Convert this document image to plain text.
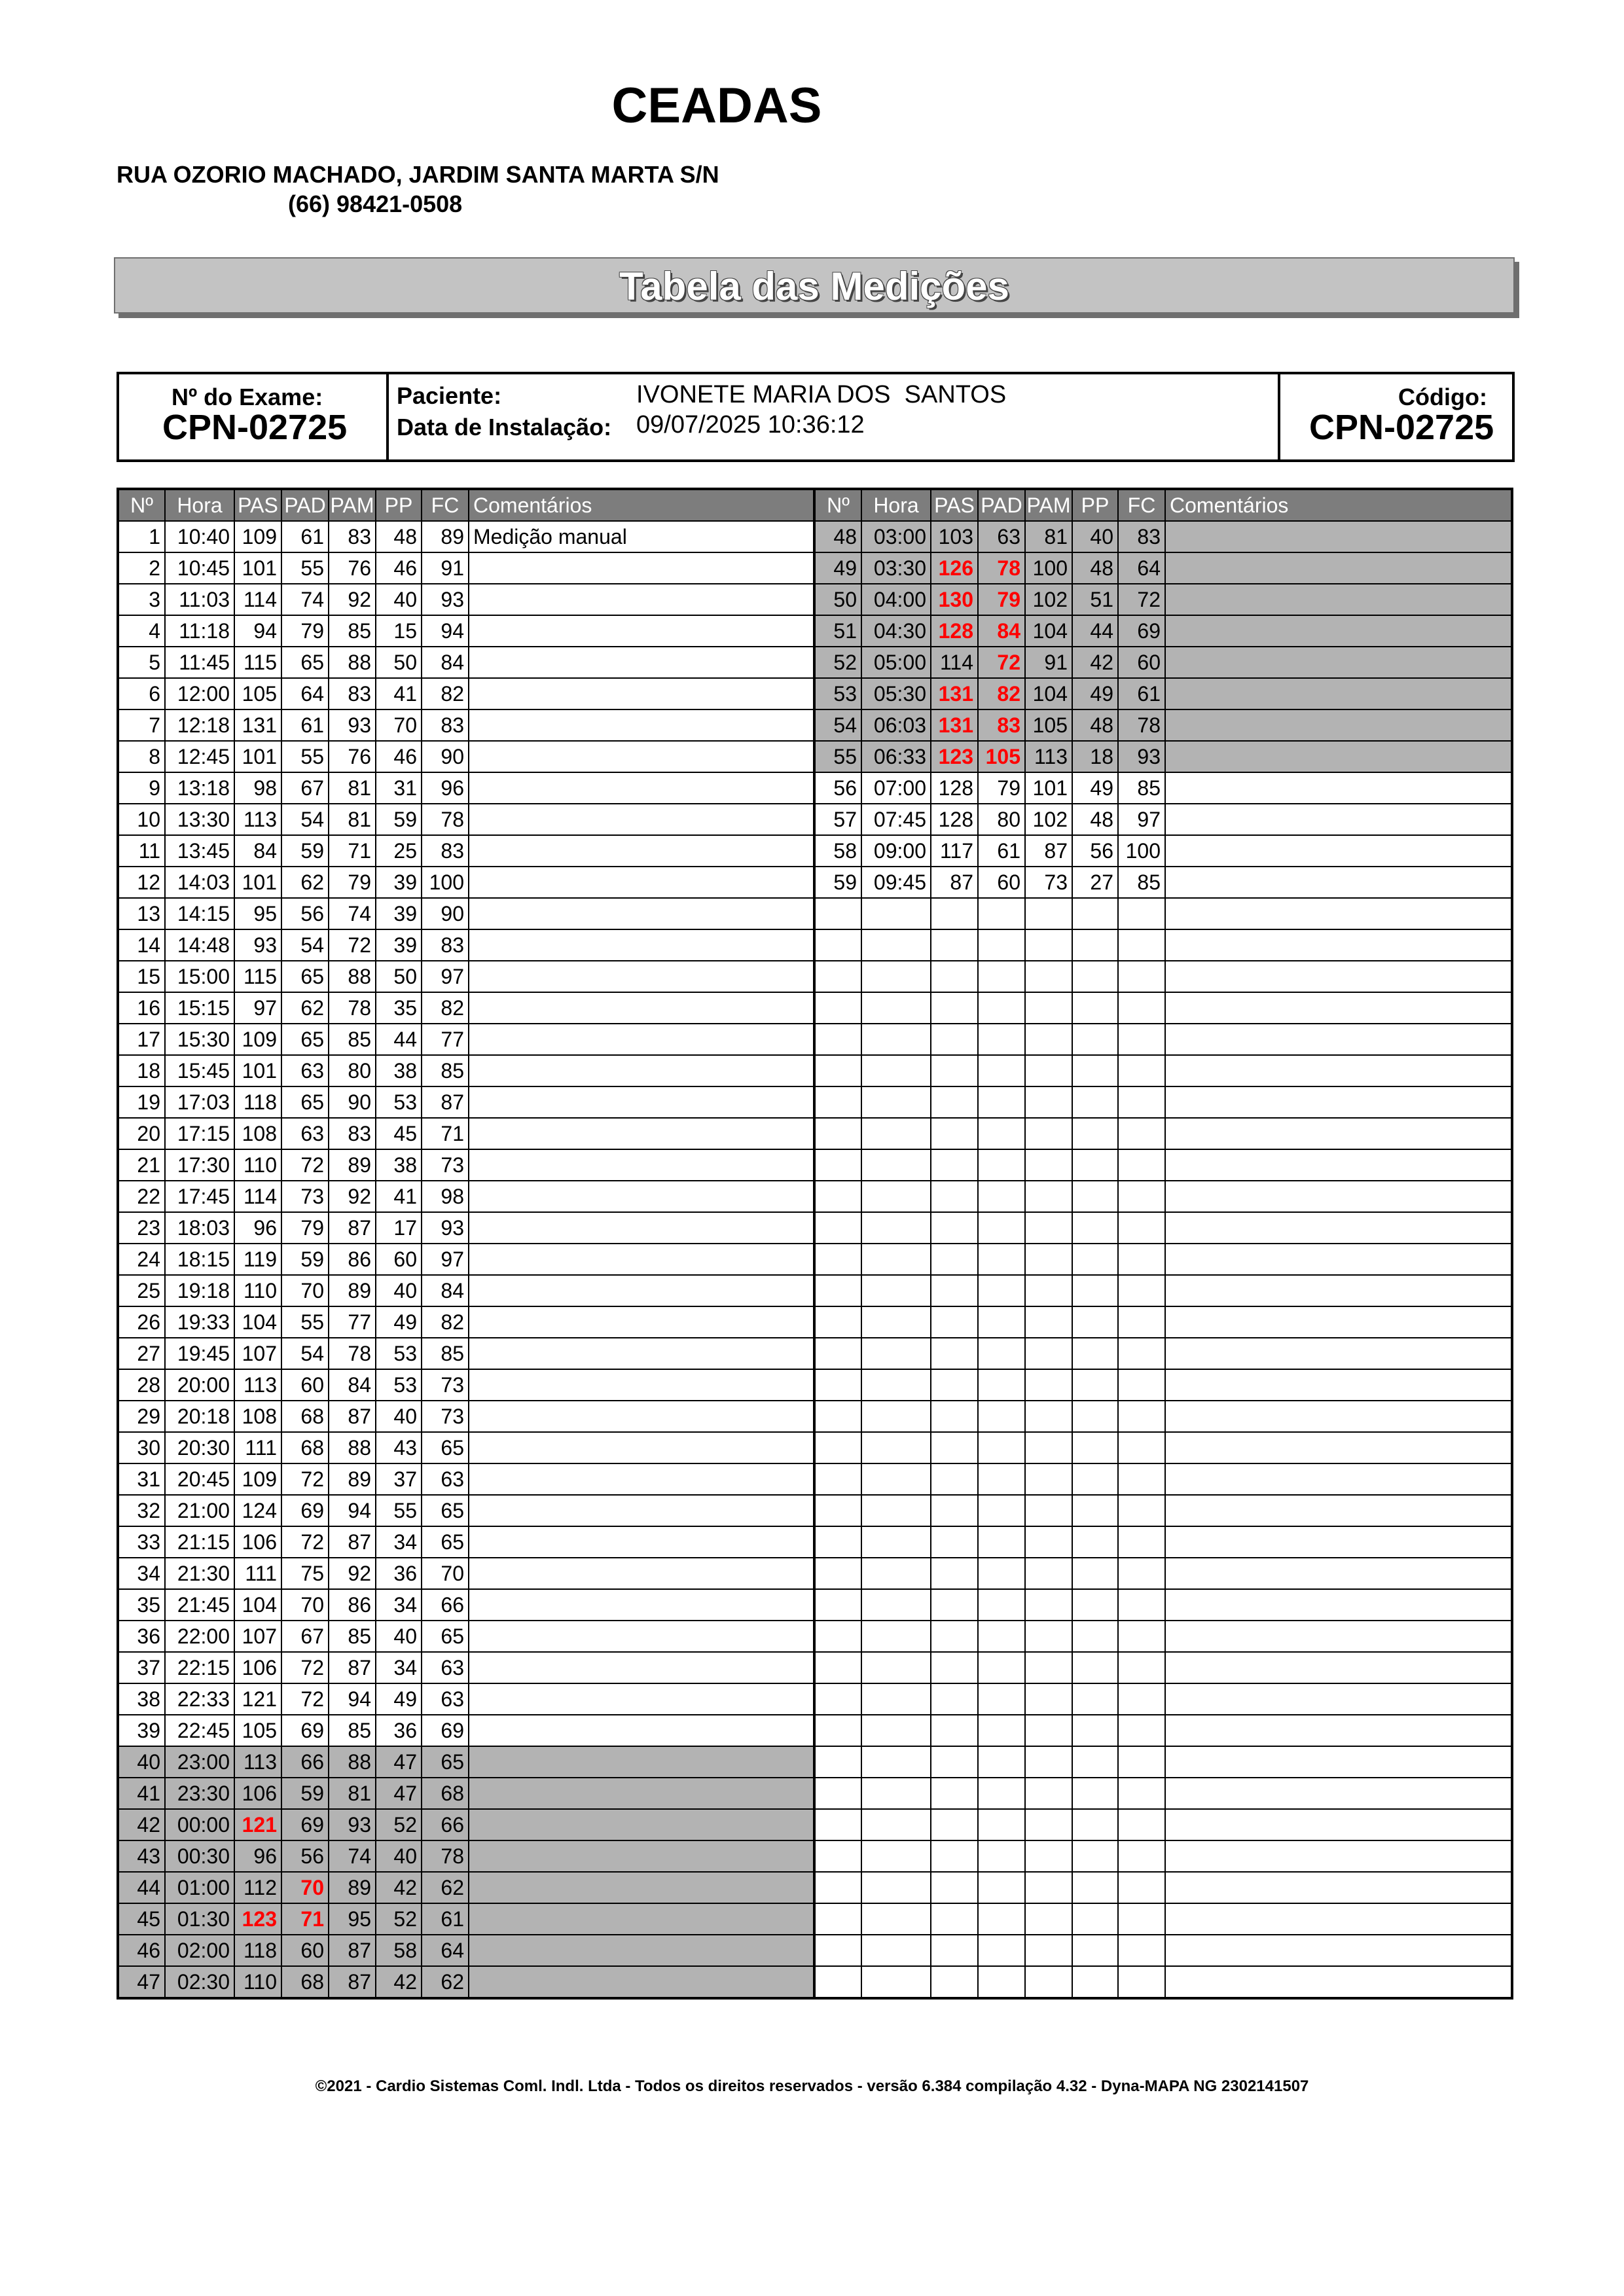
CEADAS
RUA OZORIO MACHADO, JARDIM SANTA MARTA S/N
(66) 98421-0508
Tabela das Medições
Nº do Exame:
CPN-02725
Paciente:	IVONETE MARIA DOS  SANTOS
Data de Instalação: 09/07/2025 10:36:12
Código:
CPN-02725
Nº	Hora	PAS	PAD	PAM	PP	FC	Comentários
1	10:40	109	61	83	48	89	Medição manual
2	10:45	101	55	76	46	91	
3	11:03	114	74	92	40	93	
4	11:18	94	79	85	15	94	
5	11:45	115	65	88	50	84	
6	12:00	105	64	83	41	82	
7	12:18	131	61	93	70	83	
8	12:45	101	55	76	46	90	
9	13:18	98	67	81	31	96	
10	13:30	113	54	81	59	78	
11	13:45	84	59	71	25	83	
12	14:03	101	62	79	39	100	
13	14:15	95	56	74	39	90	
14	14:48	93	54	72	39	83	
15	15:00	115	65	88	50	97	
16	15:15	97	62	78	35	82	
17	15:30	109	65	85	44	77	
18	15:45	101	63	80	38	85	
19	17:03	118	65	90	53	87	
20	17:15	108	63	83	45	71	
21	17:30	110	72	89	38	73	
22	17:45	114	73	92	41	98	
23	18:03	96	79	87	17	93	
24	18:15	119	59	86	60	97	
25	19:18	110	70	89	40	84	
26	19:33	104	55	77	49	82	
27	19:45	107	54	78	53	85	
28	20:00	113	60	84	53	73	
29	20:18	108	68	87	40	73	
30	20:30	111	68	88	43	65	
31	20:45	109	72	89	37	63	
32	21:00	124	69	94	55	65	
33	21:15	106	72	87	34	65	
34	21:30	111	75	92	36	70	
35	21:45	104	70	86	34	66	
36	22:00	107	67	85	40	65	
37	22:15	106	72	87	34	63	
38	22:33	121	72	94	49	63	
39	22:45	105	69	85	36	69	
40	23:00	113	66	88	47	65	
41	23:30	106	59	81	47	68	
42	00:00	121	69	93	52	66	
43	00:30	96	56	74	40	78	
44	01:00	112	70	89	42	62	
45	01:30	123	71	95	52	61	
46	02:00	118	60	87	58	64	
47	02:30	110	68	87	42	62	
Nº	Hora	PAS	PAD	PAM	PP	FC	Comentários
48	03:00	103	63	81	40	83	
49	03:30	126	78	100	48	64	
50	04:00	130	79	102	51	72	
51	04:30	128	84	104	44	69	
52	05:00	114	72	91	42	60	
53	05:30	131	82	104	49	61	
54	06:03	131	83	105	48	78	
55	06:33	123	105	113	18	93	
56	07:00	128	79	101	49	85	
57	07:45	128	80	102	48	97	
58	09:00	117	61	87	56	100	
59	09:45	87	60	73	27	85	

©2021 - Cardio Sistemas Coml. Indl. Ltda - Todos os direitos reservados - versão 6.384 compilação 4.32 - Dyna-MAPA NG 2302141507
